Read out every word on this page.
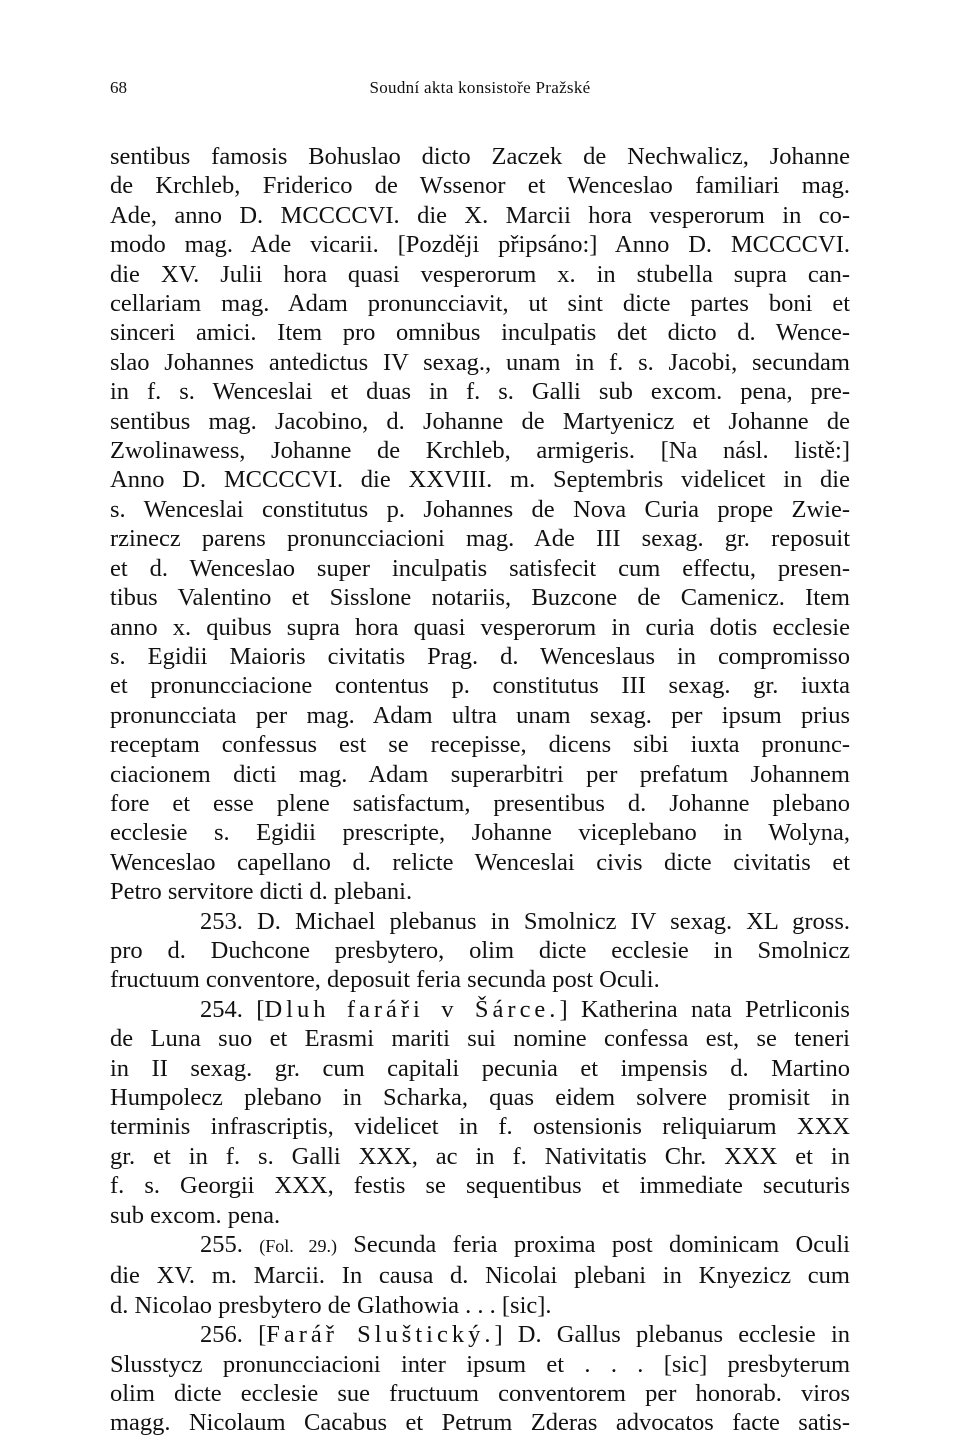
68	Soudní akta konsistoře Pražské
sentibus famosis Bohuslao dicto Zaczek de Nechwalicz, Johanne
de Krchleb, Friderico de Wssenor et Wenceslao familiari mag.
Ade, anno D. MCCCCVI. die X. Marcii hora vesperorum in co-
modo mag. Ade vicarii. [Později připsáno:] Anno D. MCCCCVI.
die XV. Julii hora quasi vesperorum x. in stubella supra can-
cellariam mag. Adam pronuncciavit, ut sint dicte partes boni et
sinceri amici. Item pro omnibus inculpatis det dicto d. Wence-
slao Johannes antedictus IV sexag., unam in f. s. Jacobi, secundam
in f. s. Wenceslai et duas in f. s. Galli sub excom. pena, pre-
sentibus mag. Jacobino, d. Johanne de Martyenicz et Johanne de
Zwolinawess, Johanne de Krchleb, armigeris. [Na násl. listě:]
Anno D. MCCCCVI. die XXVIII. m. Septembris videlicet in die
s. Wenceslai constitutus p. Johannes de Nova Curia prope Zwie-
rzinecz parens pronuncciacioni mag. Ade III sexag. gr. reposuit
et d. Wenceslao super inculpatis satisfecit cum effectu, presen-
tibus Valentino et Sisslone notariis, Buzcone de Camenicz. Item
anno x. quibus supra hora quasi vesperorum in curia dotis ecclesie
s. Egidii Maioris civitatis Prag. d. Wenceslaus in compromisso
et pronuncciacione contentus p. constitutus III sexag. gr. iuxta
pronuncciata per mag. Adam ultra unam sexag. per ipsum prius
receptam confessus est se recepisse, dicens sibi iuxta pronunc-
ciacionem dicti mag. Adam superarbitri per prefatum Johannem
fore et esse plene satisfactum, presentibus d. Johanne plebano
ecclesie s. Egidii prescripte, Johanne viceplebano in Wolyna,
Wenceslao capellano d. relicte Wenceslai civis dicte civitatis et
Petro servitore dicti d. plebani.
253. D. Michael plebanus in Smolnicz IV sexag. XL gross.
pro d. Duchcone presbytero, olim dicte ecclesie in Smolnicz
fructuum conventore, deposuit feria secunda post Oculi.
254. [Dluh faráři v Šárce.] Katherina nata Petrliconis
de Luna suo et Erasmi mariti sui nomine confessa est, se teneri
in II sexag. gr. cum capitali pecunia et impensis d. Martino
Humpolecz plebano in Scharka, quas eidem solvere promisit in
terminis infrascriptis, videlicet in f. ostensionis reliquiarum XXX
gr. et in f. s. Galli XXX, ac in f. Nativitatis Chr. XXX et in
f. s. Georgii XXX, festis se sequentibus et immediate secuturis
sub excom. pena.
255. (Fol. 29.) Secunda feria proxima post dominicam Oculi
die XV. m. Marcii. In causa d. Nicolai plebani in Knyezicz cum
d. Nicolao presbytero de Glathowia . . . [sic].
256. [Farář Sluštický.] D. Gallus plebanus ecclesie in
Slusstycz pronuncciacioni inter ipsum et . . . [sic] presbyterum
olim dicte ecclesie sue fructuum conventorem per honorab. viros
magg. Nicolaum Cacabus et Petrum Zderas advocatos facte satis-
